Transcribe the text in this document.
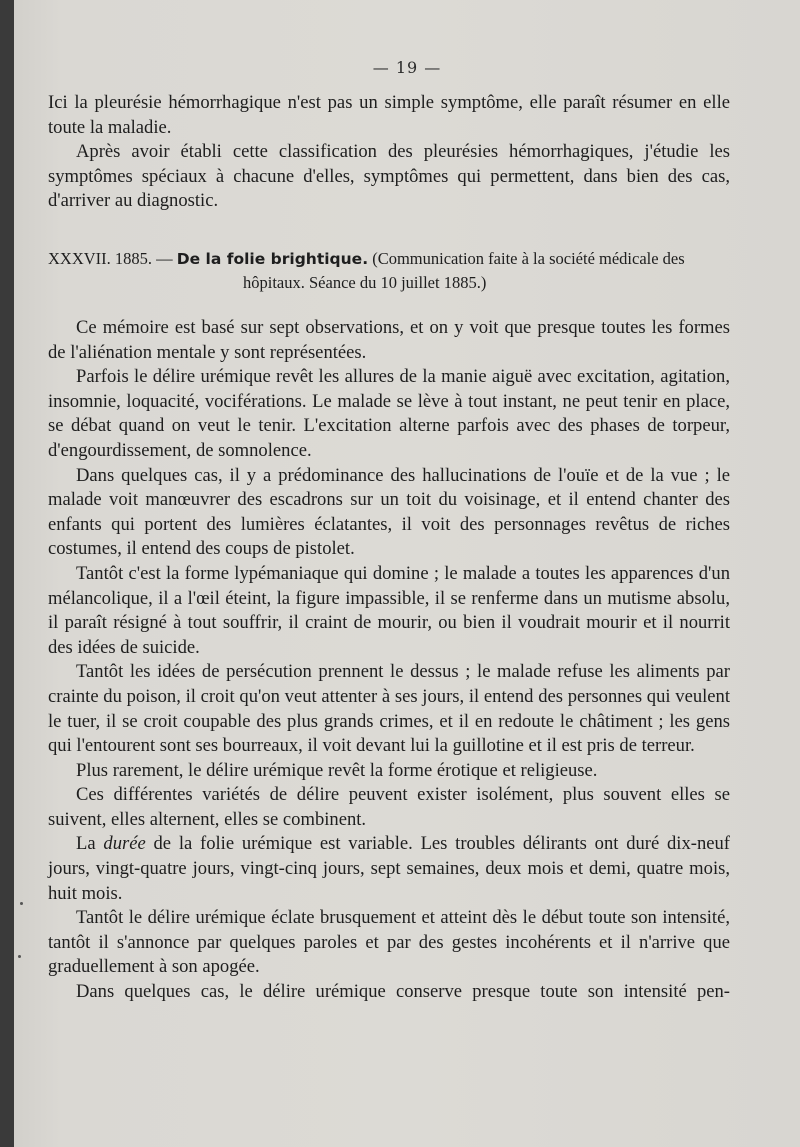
— 19 —

Ici la pleurésie hémorrhagique n'est pas un simple symptôme, elle paraît résumer en elle toute la maladie.

Après avoir établi cette classification des pleurésies hémorrhagiques, j'étudie les symptômes spéciaux à chacune d'elles, symptômes qui permettent, dans bien des cas, d'arriver au diagnostic.

XXXVII. 1885. — De la folie brightique. (Communication faite à la société médicale des

hôpitaux. Séance du 10 juillet 1885.)

Ce mémoire est basé sur sept observations, et on y voit que presque toutes les formes de l'aliénation mentale y sont représentées.

Parfois le délire urémique revêt les allures de la manie aiguë avec excitation, agitation, insomnie, loquacité, vociférations. Le malade se lève à tout instant, ne peut tenir en place, se débat quand on veut le tenir. L'excitation alterne parfois avec des phases de torpeur, d'engourdissement, de somnolence.

Dans quelques cas, il y a prédominance des hallucinations de l'ouïe et de la vue ; le malade voit manœuvrer des escadrons sur un toit du voisinage, et il entend chanter des enfants qui portent des lumières éclatantes, il voit des personnages revêtus de riches costumes, il entend des coups de pistolet.

Tantôt c'est la forme lypémaniaque qui domine ; le malade a toutes les apparences d'un mélancolique, il a l'œil éteint, la figure impassible, il se renferme dans un mutisme absolu, il paraît résigné à tout souffrir, il craint de mourir, ou bien il voudrait mourir et il nourrit des idées de suicide.

Tantôt les idées de persécution prennent le dessus ; le malade refuse les aliments par crainte du poison, il croit qu'on veut attenter à ses jours, il entend des personnes qui veulent le tuer, il se croit coupable des plus grands crimes, et il en redoute le châtiment ; les gens qui l'entourent sont ses bourreaux, il voit devant lui la guillotine et il est pris de terreur.

Plus rarement, le délire urémique revêt la forme érotique et religieuse.

Ces différentes variétés de délire peuvent exister isolément, plus souvent elles se suivent, elles alternent, elles se combinent.

La durée de la folie urémique est variable. Les troubles délirants ont duré dix-neuf jours, vingt-quatre jours, vingt-cinq jours, sept semaines, deux mois et demi, quatre mois, huit mois.

Tantôt le délire urémique éclate brusquement et atteint dès le début toute son intensité, tantôt il s'annonce par quelques paroles et par des gestes incohérents et il n'arrive que graduellement à son apogée.

Dans quelques cas, le délire urémique conserve presque toute son intensité pen-
